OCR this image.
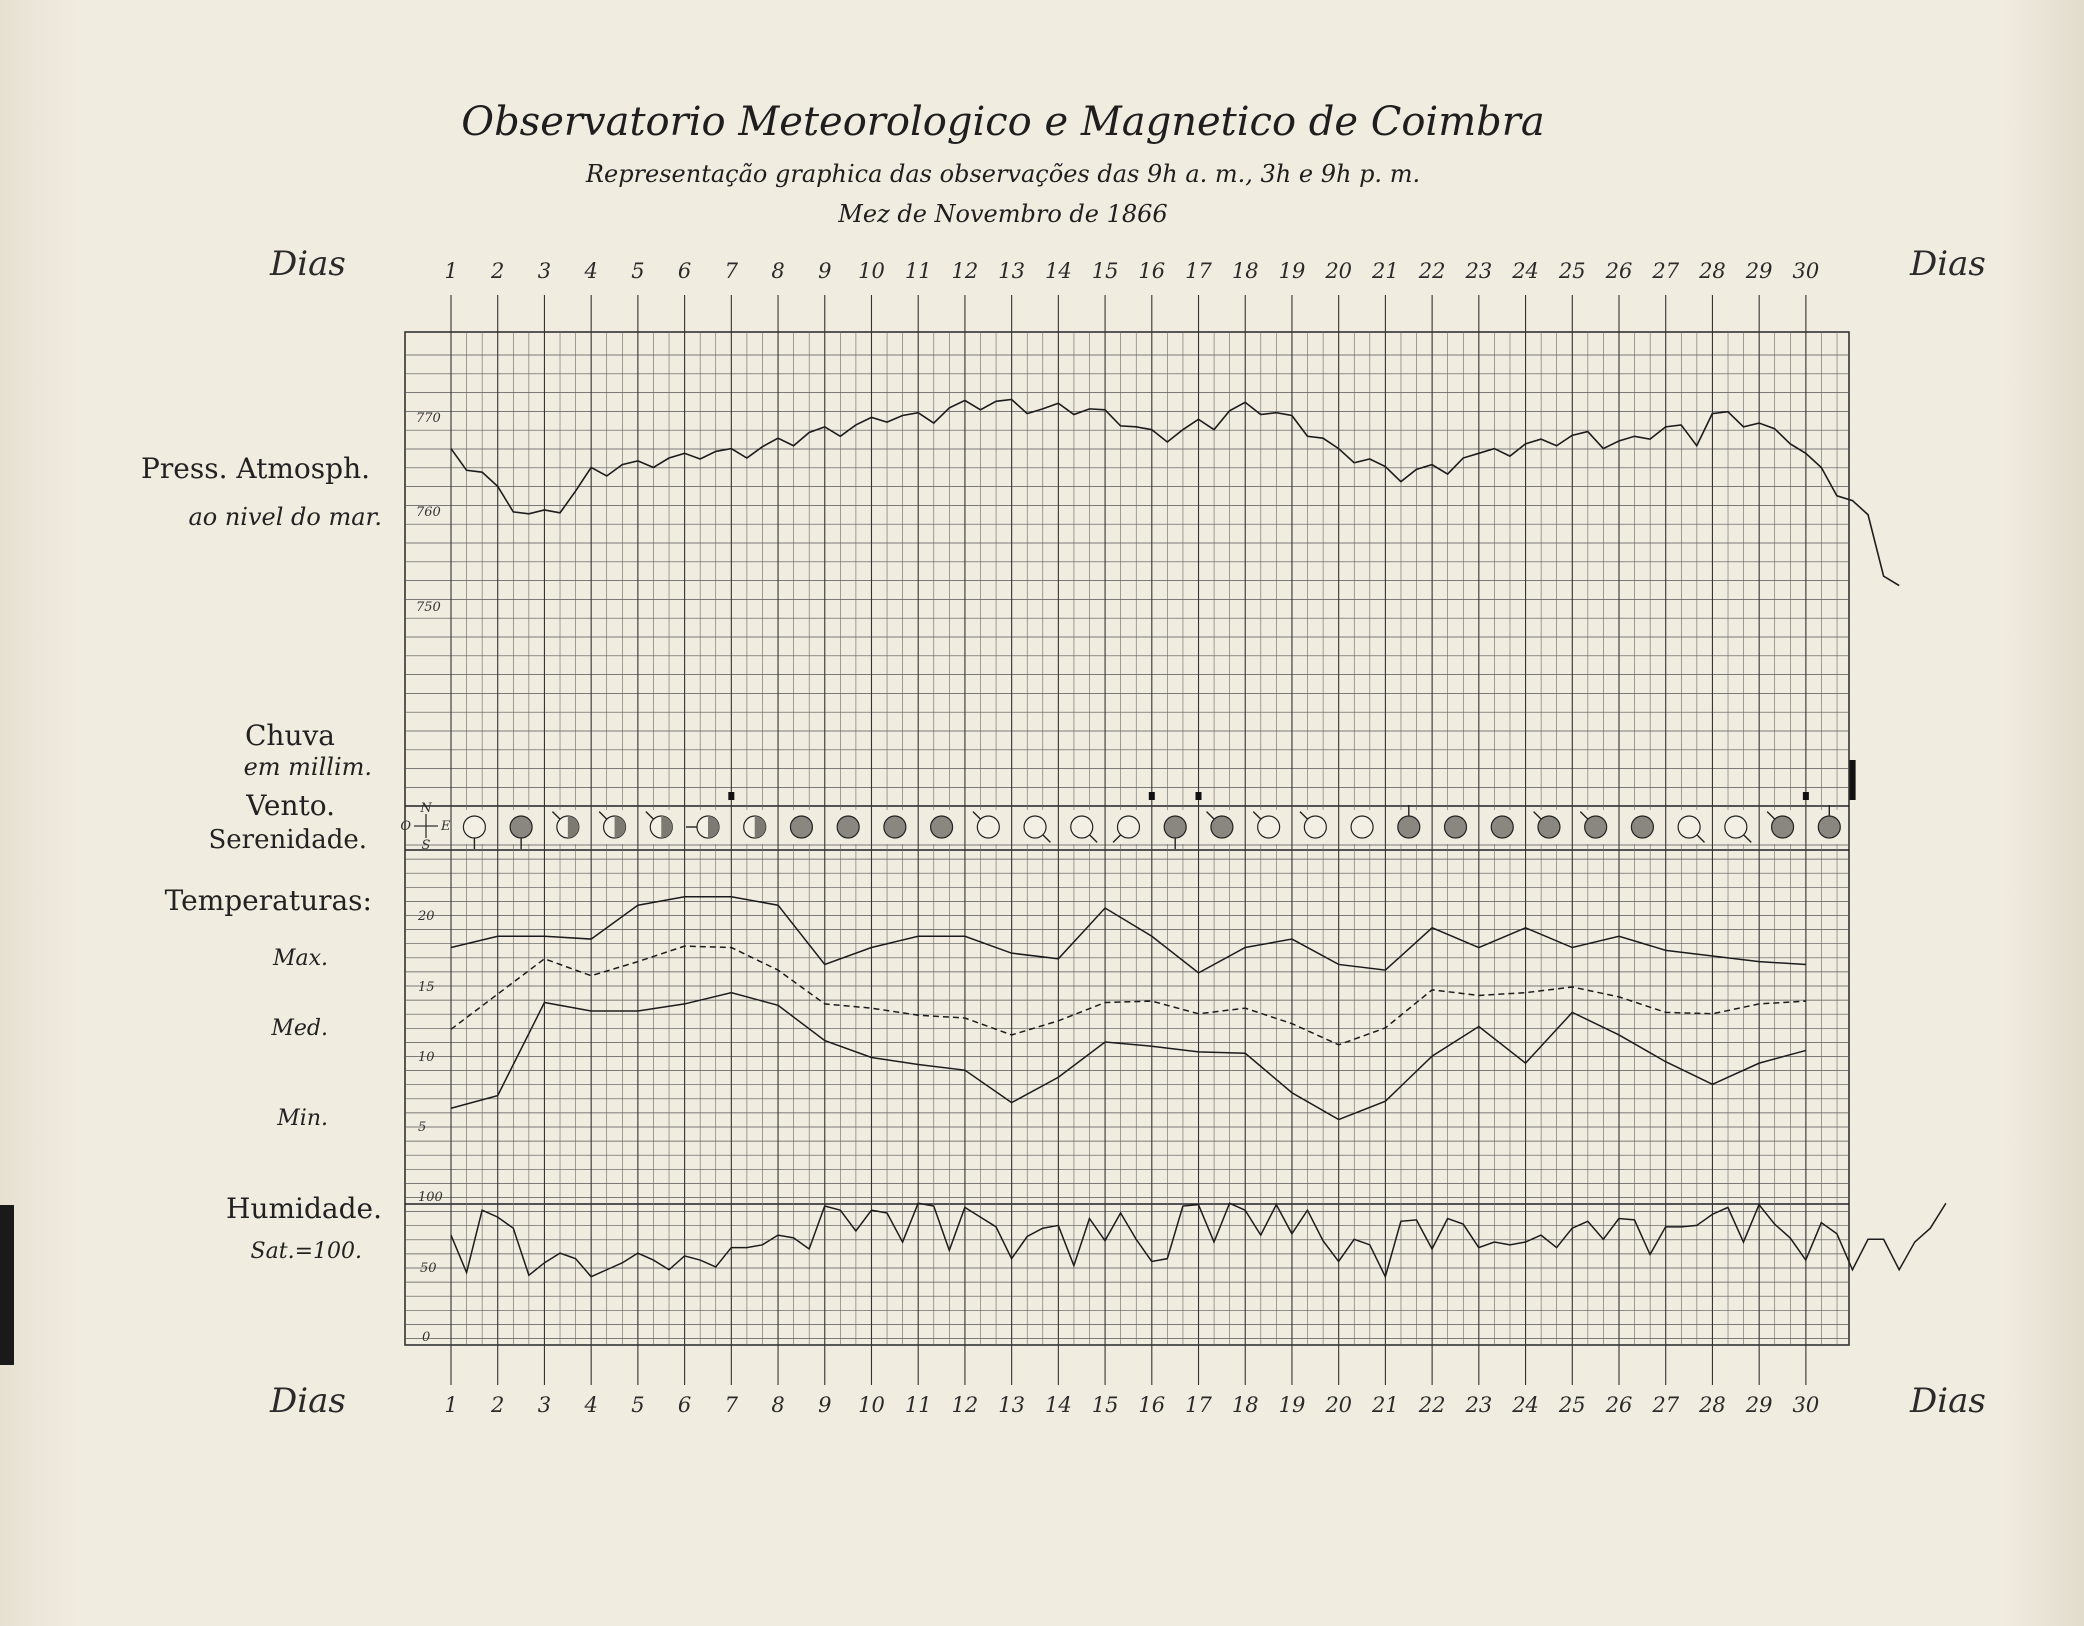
Observatorio Meteorologico e Magnetico de Coimbra
Representação graphica das observações das 9h a. m., 3h e 9h p. m.
Mez de Novembro de 1866
Dias	Dias
Dias	Dias
Press. Atmosph.
ao nivel do mar.
Chuva
em millim.
Vento.
Serenidade.
Temperaturas:
Max.
Med.
Min.
Humidade.
Sat.=100.
N
S
O E
770
760
750
20
15
10
5
100
50
0
1
1
2
2
3
3
4
4
5
5
6
6
7
7
8
8
9
9
10
10
11
11
12
12
13
13
14
14
15
15
16
16
17
17
18
18
19
19
20
20
21
21
22
22
23
23
24
24
25
25
26
26
27
27
28
28
29
29
30
30
